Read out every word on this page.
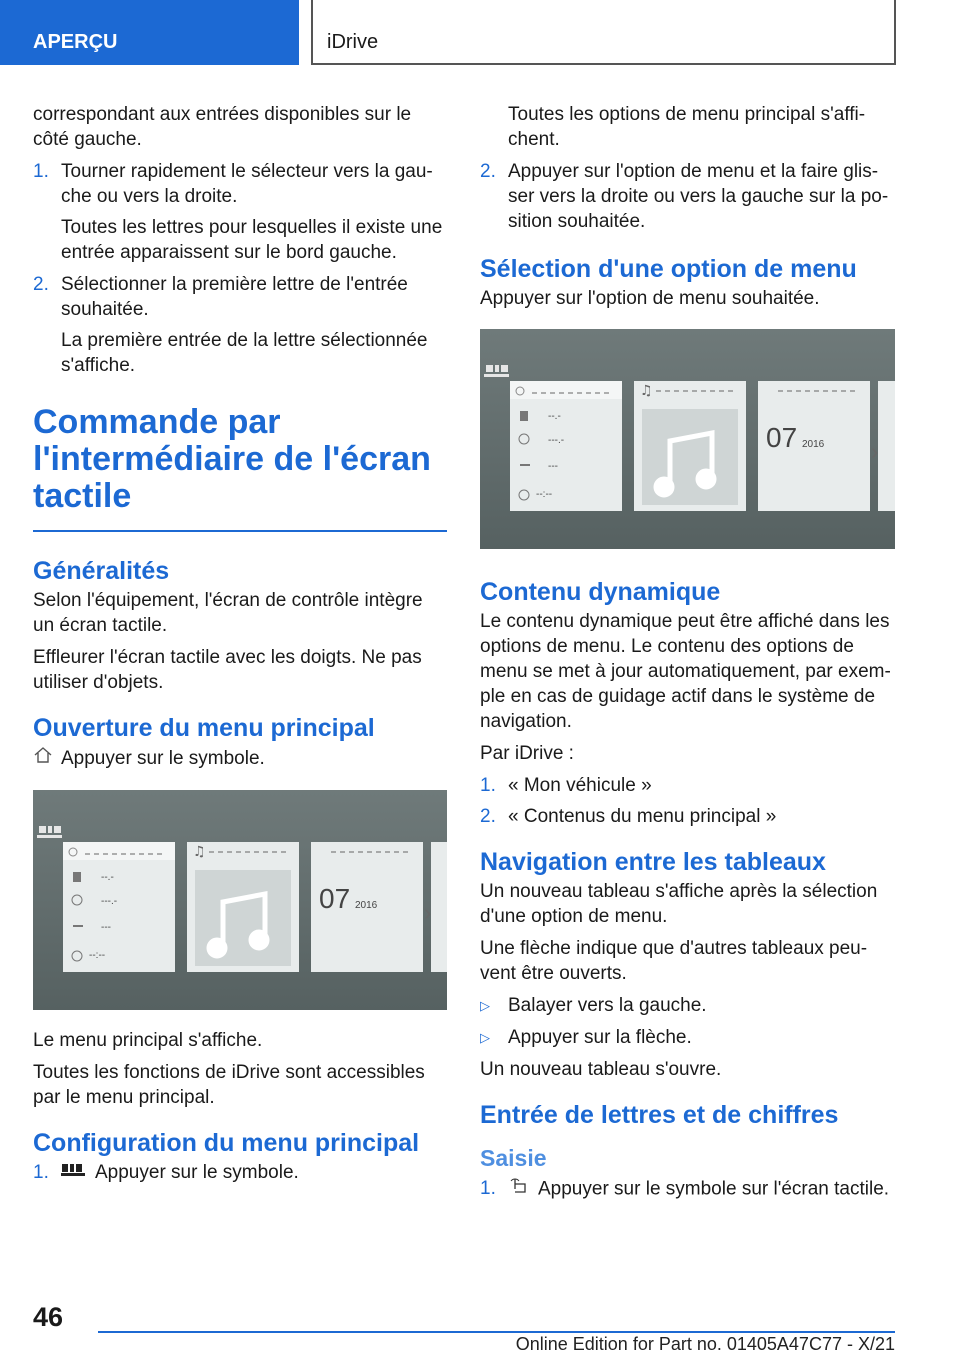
APERÇU	iDrive

correspondant aux entrées disponibles sur le côté gauche.

1. Tourner rapidement le sélecteur vers la gauche ou vers la droite.

Toutes les lettres pour lesquelles il existe une entrée apparaissent sur le bord gauche.

2. Sélectionner la première lettre de l'entrée souhaitée.

La première entrée de la lettre sélectionnée s'affiche.

Commande par l'intermédiaire de l'écran tactile
Généralités

Selon l'équipement, l'écran de contrôle intègre un écran tactile.

Effleurer l'écran tactile avec les doigts. Ne pas utiliser d'objets.

Ouverture du menu principal
Appuyer sur le symbole.
--.-
---.-
---
--:--
♫
07 2016 ›

Le menu principal s'affiche.

Toutes les fonctions de iDrive sont accessibles par le menu principal.

Configuration du menu principal
1.	Appuyer sur le symbole.

Toutes les options de menu principal s'affichent.

2. Appuyer sur l'option de menu et la faire glisser vers la droite ou vers la gauche sur la position souhaitée.
Sélection d'une option de menu

Appuyer sur l'option de menu souhaitée.

--.-
---.-
---
--:--
♫
07 2016 ›
Contenu dynamique

Le contenu dynamique peut être affiché dans les options de menu. Le contenu des options de menu se met à jour automatiquement, par exemple en cas de guidage actif dans le système de navigation.

Par iDrive :

1. « Mon véhicule »
2. « Contenus du menu principal »
Navigation entre les tableaux

Un nouveau tableau s'affiche après la sélection d'une option de menu.

Une flèche indique que d'autres tableaux peuvent être ouverts.

▷ Balayer vers la gauche.
▷ Appuyer sur la flèche.

Un nouveau tableau s'ouvre.

Entrée de lettres et de chiffres
Saisie
1.	Appuyer sur le symbole sur l'écran tactile.
46
Online Edition for Part no. 01405A47C77 - X/21
